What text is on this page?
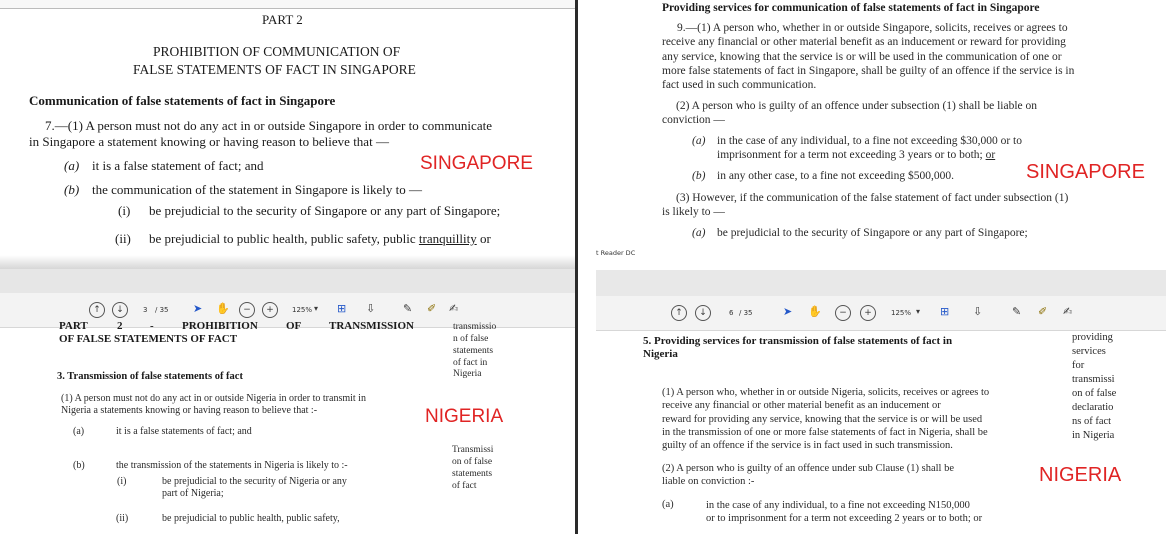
PART 2
PROHIBITION OF COMMUNICATION OF
FALSE STATEMENTS OF FACT IN SINGAPORE
Communication of false statements of fact in Singapore
7.—(1) A person must not do any act in or outside Singapore in order to communicate
in Singapore a statement knowing or having reason to believe that —
(a) it is a false statement of fact; and	SINGAPORE
(b) the communication of the statement in Singapore is likely to —
(i) be prejudicial to the security of Singapore or any part of Singapore;
(ii) be prejudicial to public health, public safety, public tranquillity or
↑	↓	3 / 35 ➤ ✋	−	+	125% ▾ ⊞ ⇩	✎ ✐ ✍
PART	2	-	PROHIBITION	OF	TRANSMISSION
OF FALSE STATEMENTS OF FACT
transmissio
n of false
statements
of fact in
Nigeria
3. Transmission of false statements of fact
(1) A person must not do any act in or outside Nigeria in order to transmit in
Nigeria a statements knowing or having reason to believe that :-	NIGERIA
(a)	it is a false statements of fact; and
Transmissi
on of false
statements
of fact
(b)	the transmission of the statements in Nigeria is likely to :-
(i)	be prejudicial to the security of Nigeria or any
part of Nigeria;
(ii)	be prejudicial to public health, public safety,
Providing services for communication of false statements of fact in Singapore
9.—(1) A person who, whether in or outside Singapore, solicits, receives or agrees to
receive any financial or other material benefit as an inducement or reward for providing
any service, knowing that the service is or will be used in the communication of one or
more false statements of fact in Singapore, shall be guilty of an offence if the service is in
fact used in such communication.
(2) A person who is guilty of an offence under subsection (1) shall be liable on
conviction —
(a) in the case of any individual, to a fine not exceeding $30,000 or to
imprisonment for a term not exceeding 3 years or to both; or
SINGAPORE
(b) in any other case, to a fine not exceeding $500,000.
(3) However, if the communication of the false statement of fact under subsection (1)
is likely to —
(a) be prejudicial to the security of Singapore or any part of Singapore;
t Reader DC
↑	↓	6 / 35	➤ ✋	−	+	125% ▾ ⊞ ⇩	✎ ✐ ✍
5. Providing services for transmission of false statements of fact in
Nigeria
providing
services
for
transmissi
on of false
declaratio
ns of fact
in Nigeria
(1) A person who, whether in or outside Nigeria, solicits, receives or agrees to
receive any financial or other material benefit as an inducement or
reward for providing any service, knowing that the service is or will be used
in the transmission of one or more false statements of fact in Nigeria, shall be
guilty of an offence if the service is in fact used in such transmission.
(2) A person who is guilty of an offence under sub Clause (1) shall be
liable on conviction :-	NIGERIA
(a)	in the case of any individual, to a fine not exceeding N150,000
or to imprisonment for a term not exceeding 2 years or to both; or
